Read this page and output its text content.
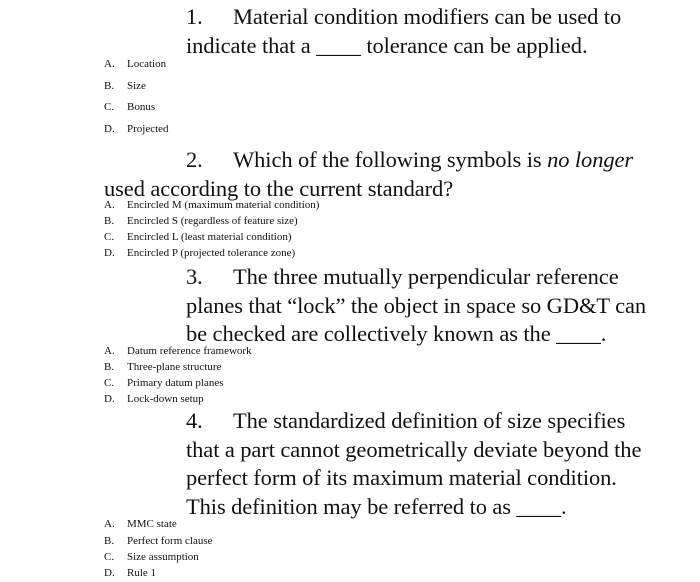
1. Material condition modifiers can be used to
indicate that a ____ tolerance can be applied.
A. Location
B. Size
C. Bonus
D. Projected
2. Which of the following symbols is no longer
used according to the current standard?
A. Encircled M (maximum material condition)
B. Encircled S (regardless of feature size)
C. Encircled L (least material condition)
D. Encircled P (projected tolerance zone)
3. The three mutually perpendicular reference
planes that “lock” the object in space so GD&T can
be checked are collectively known as the ____.
A. Datum reference framework
B. Three-plane structure
C. Primary datum planes
D. Lock-down setup
4. The standardized definition of size specifies
that a part cannot geometrically deviate beyond the
perfect form of its maximum material condition.
This definition may be referred to as ____.
A. MMC state
B. Perfect form clause
C. Size assumption
D. Rule 1
